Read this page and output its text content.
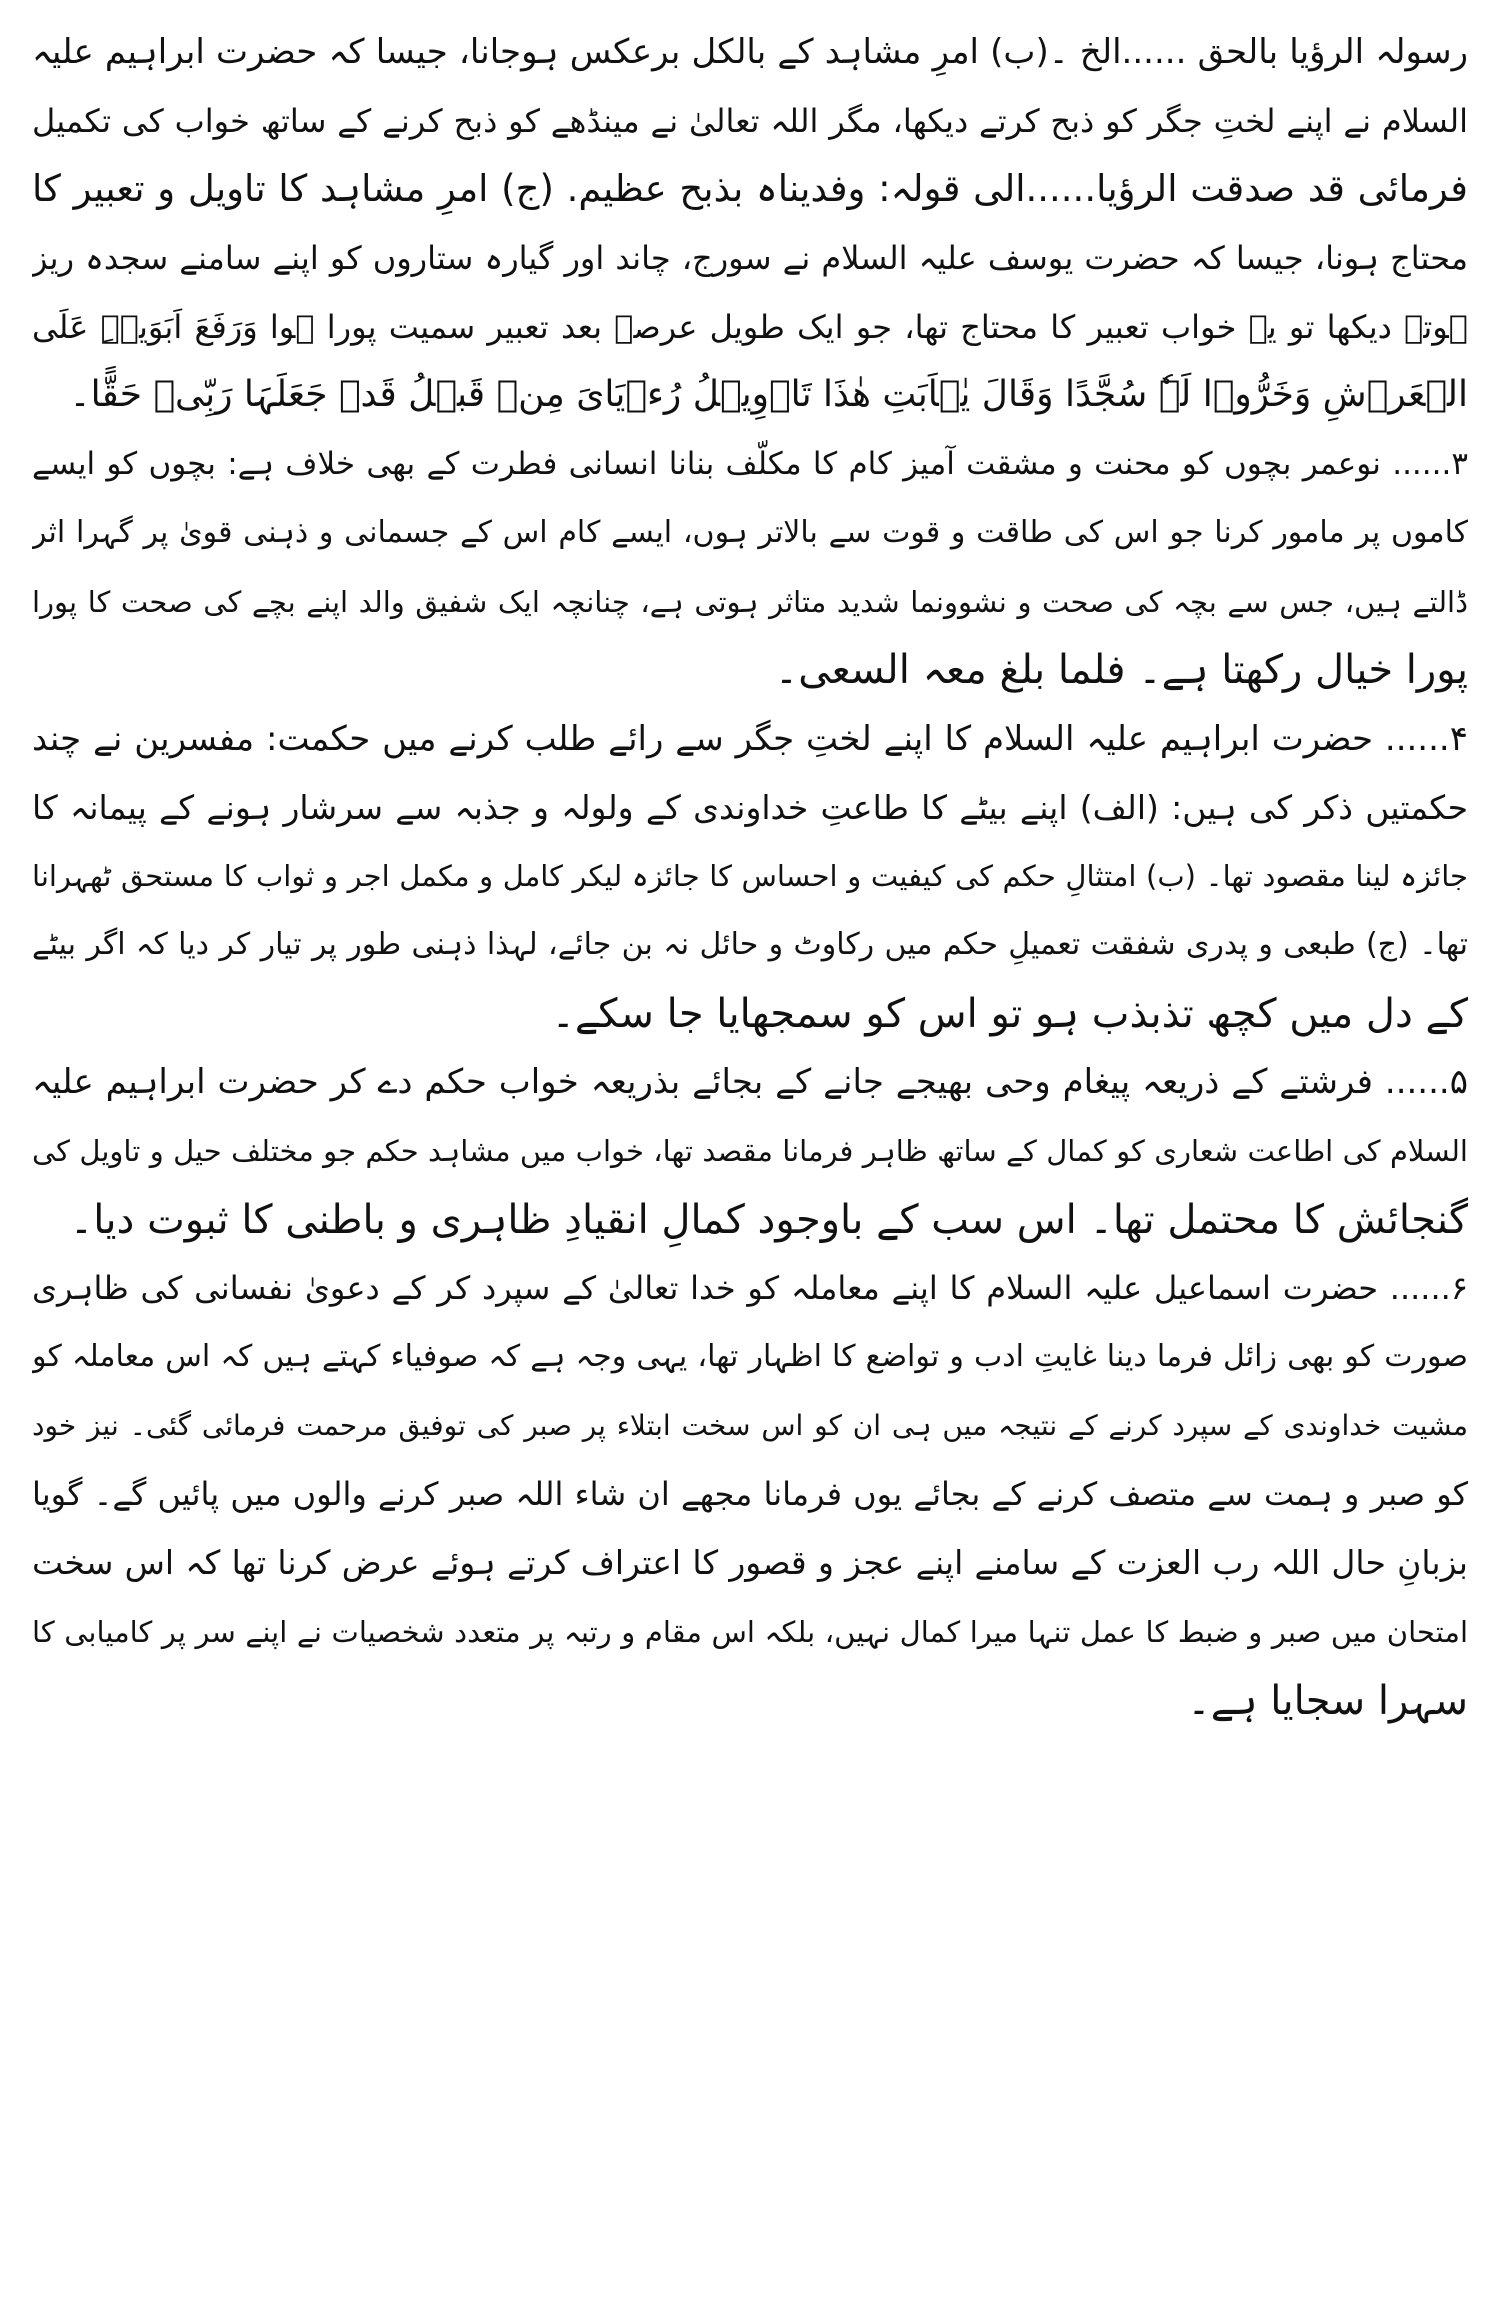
رسولہ الرؤیا بالحق ......الخ ۔(ب) امرِ مشاہد کے بالکل برعکس ہوجانا، جیسا کہ حضرت ابراہیم علیہ
السلام نے اپنے لختِ جگر کو ذبح کرتے دیکھا، مگر اللہ تعالیٰ نے مینڈھے کو ذبح کرنے کے ساتھ خواب کی تکمیل
فرمائی قد صدقت الرؤیا......الی قولہ: وفدیناہ بذبح عظیم. (ج) امرِ مشاہد کا تاویل و تعبیر کا
محتاج ہونا، جیسا کہ حضرت یوسف علیہ السلام نے سورج، چاند اور گیارہ ستاروں کو اپنے سامنے سجدہ ریز
ہوتے دیکھا تو یہ خواب تعبیر کا محتاج تھا، جو ایک طویل عرصہ بعد تعبیر سمیت پورا ہوا وَرَفَعَ اَبَوَیۡہِ عَلَی
الۡعَرۡشِ وَخَرُّوۡا لَہٗ سُجَّدًا وَقَالَ یٰۤاَبَتِ ھٰذَا تَاۡوِیۡلُ رُءۡیَایَ مِنۡ قَبۡلُ قَدۡ جَعَلَہَا رَبِّیۡ حَقًّا۔
۳...... نوعمر بچوں کو محنت و مشقت آمیز کام کا مکلّف بنانا انسانی فطرت کے بھی خلاف ہے: بچوں کو ایسے
کاموں پر مامور کرنا جو اس کی طاقت و قوت سے بالاتر ہوں، ایسے کام اس کے جسمانی و ذہنی قویٰ پر گہرا اثر
ڈالتے ہیں، جس سے بچہ کی صحت و نشوونما شدید متاثر ہوتی ہے، چنانچہ ایک شفیق والد اپنے بچے کی صحت کا پورا
پورا خیال رکھتا ہے۔ فلما بلغ معہ السعی۔
۴...... حضرت ابراہیم علیہ السلام کا اپنے لختِ جگر سے رائے طلب کرنے میں حکمت: مفسرین نے چند
حکمتیں ذکر کی ہیں: (الف) اپنے بیٹے کا طاعتِ خداوندی کے ولولہ و جذبہ سے سرشار ہونے کے پیمانہ کا
جائزہ لینا مقصود تھا۔ (ب) امتثالِ حکم کی کیفیت و احساس کا جائزہ لیکر کامل و مکمل اجر و ثواب کا مستحق ٹھہرانا
تھا۔ (ج) طبعی و پدری شفقت تعمیلِ حکم میں رکاوٹ و حائل نہ بن جائے، لہذا ذہنی طور پر تیار کر دیا کہ اگر بیٹے
کے دل میں کچھ تذبذب ہو تو اس کو سمجھایا جا سکے۔
۵...... فرشتے کے ذریعہ پیغام وحی بھیجے جانے کے بجائے بذریعہ خواب حکم دے کر حضرت ابراہیم علیہ
السلام کی اطاعت شعاری کو کمال کے ساتھ ظاہر فرمانا مقصد تھا، خواب میں مشاہد حکم جو مختلف حیل و تاویل کی
گنجائش کا محتمل تھا۔ اس سب کے باوجود کمالِ انقیادِ ظاہری و باطنی کا ثبوت دیا۔
۶...... حضرت اسماعیل علیہ السلام کا اپنے معاملہ کو خدا تعالیٰ کے سپرد کر کے دعویٰ نفسانی کی ظاہری
صورت کو بھی زائل فرما دینا غایتِ ادب و تواضع کا اظہار تھا، یہی وجہ ہے کہ صوفیاء کہتے ہیں کہ اس معاملہ کو
مشیت خداوندی کے سپرد کرنے کے نتیجہ میں ہی ان کو اس سخت ابتلاء پر صبر کی توفیق مرحمت فرمائی گئی۔ نیز خود
کو صبر و ہمت سے متصف کرنے کے بجائے یوں فرمانا مجھے ان شاء اللہ صبر کرنے والوں میں پائیں گے۔ گویا
بزبانِ حال اللہ رب العزت کے سامنے اپنے عجز و قصور کا اعتراف کرتے ہوئے عرض کرنا تھا کہ اس سخت
امتحان میں صبر و ضبط کا عمل تنہا میرا کمال نہیں، بلکہ اس مقام و رتبہ پر متعدد شخصیات نے اپنے سر پر کامیابی کا
سہرا سجایا ہے۔
